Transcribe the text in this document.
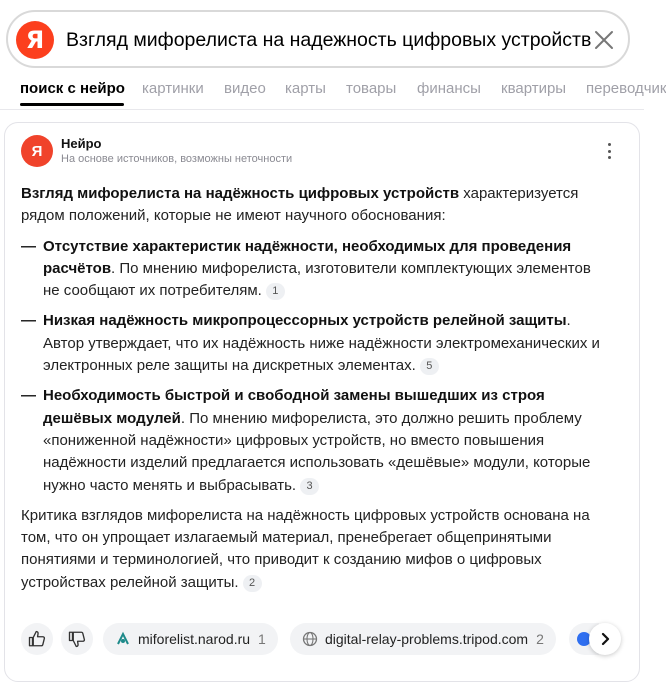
Я	Взгляд мифорелиста на надежность цифровых устройств
поиск с нейро картинки видео карты товары финансы квартиры переводчик
Я	Нейро
На основе источников, возможны неточности

Взгляд мифорелиста на надёжность цифровых устройств характеризуется рядом положений, которые не имеют научного обоснования:

— Отсутствие характеристик надёжности, необходимых для проведения расчётов. По мнению мифорелиста, изготовители комплектующих элементов не сообщают их потребителям. 1
— Низкая надёжность микропроцессорных устройств релейной защиты. Автор утверждает, что их надёжность ниже надёжности электромеханических и электронных реле защиты на дискретных элементах. 5
— Необходимость быстрой и свободной замены вышедших из строя дешёвых модулей. По мнению мифорелиста, это должно решить проблему «пониженной надёжности» цифровых устройств, но вместо повышения надёжности изделий предлагается использовать «дешёвые» модули, которые нужно часто менять и выбрасывать. 3

Критика взглядов мифорелиста на надёжность цифровых устройств основана на том, что он упрощает излагаемый материал, пренебрегает общепринятыми понятиями и терминологией, что приводит к созданию мифов о цифровых устройствах релейной защиты. 2

miforelist.narod.ru 1	digital-relay-problems.tripod.com 2
